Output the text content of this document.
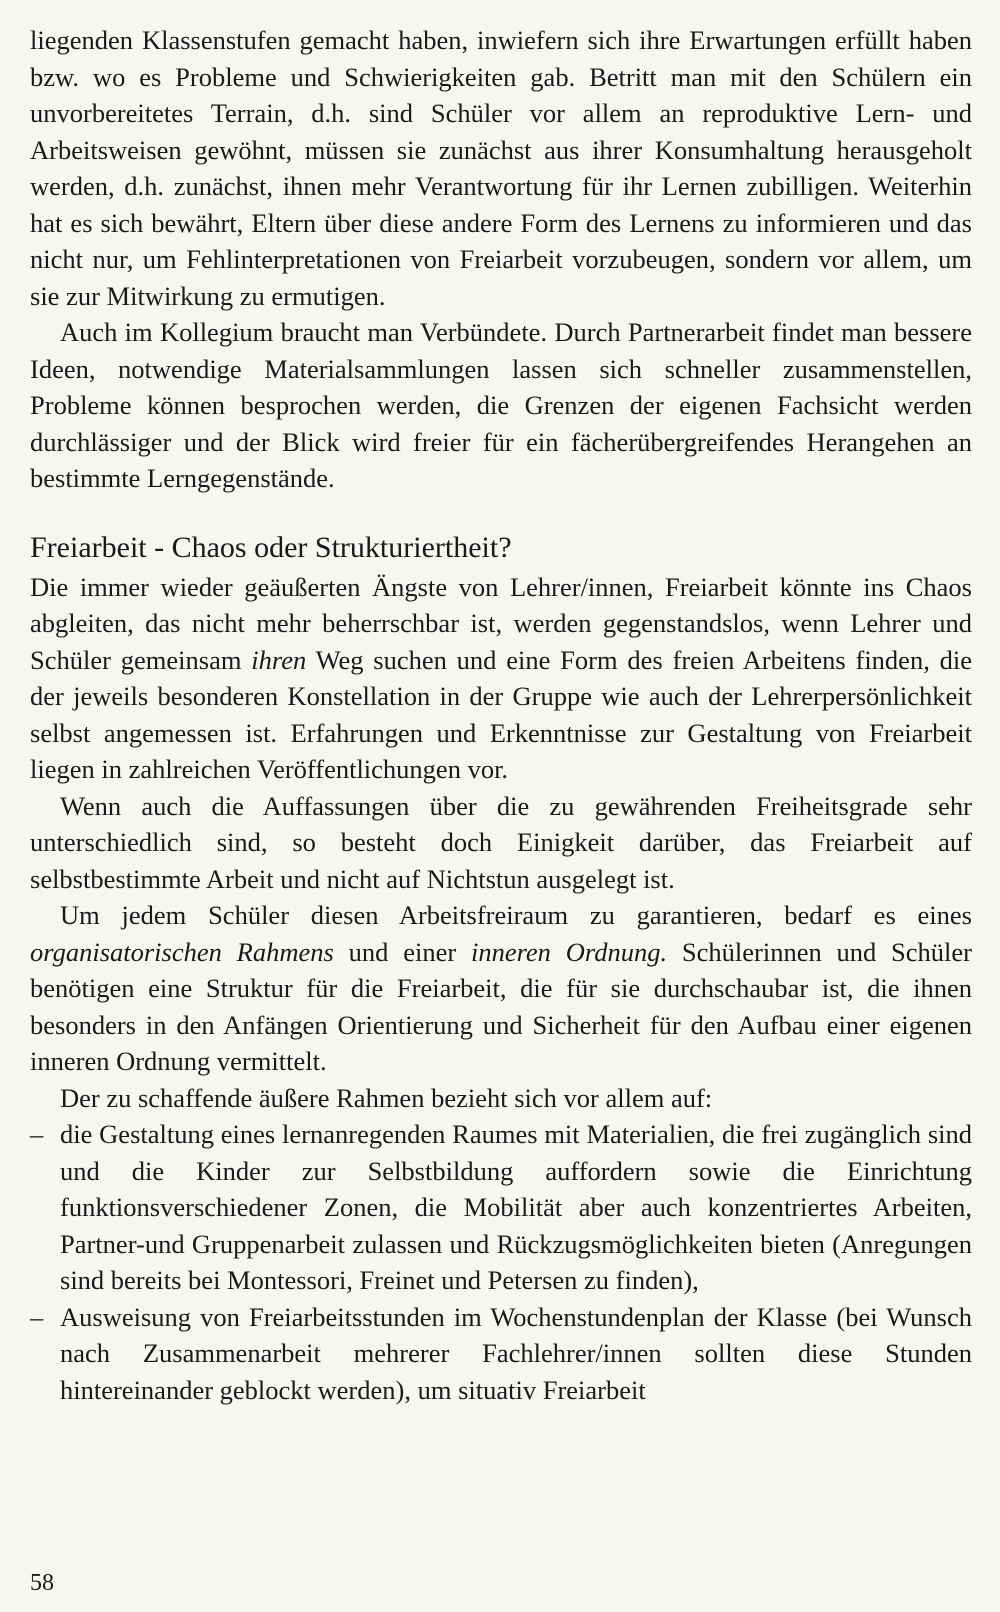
liegenden Klassenstufen gemacht haben, inwiefern sich ihre Erwartungen erfüllt haben bzw. wo es Probleme und Schwierigkeiten gab. Betritt man mit den Schülern ein unvorbereitetes Terrain, d.h. sind Schüler vor allem an reproduktive Lern- und Arbeitsweisen gewöhnt, müssen sie zunächst aus ihrer Konsumhaltung herausgeholt werden, d.h. zunächst, ihnen mehr Verantwortung für ihr Lernen zubilligen. Weiterhin hat es sich bewährt, Eltern über diese andere Form des Lernens zu informieren und das nicht nur, um Fehlinterpretationen von Freiarbeit vorzubeugen, sondern vor allem, um sie zur Mitwirkung zu ermutigen.

Auch im Kollegium braucht man Verbündete. Durch Partnerarbeit findet man bessere Ideen, notwendige Materialsammlungen lassen sich schneller zusammenstellen, Probleme können besprochen werden, die Grenzen der eigenen Fachsicht werden durchlässiger und der Blick wird freier für ein fächerübergreifendes Herangehen an bestimmte Lerngegenstände.

Freiarbeit - Chaos oder Strukturiertheit?

Die immer wieder geäußerten Ängste von Lehrer/innen, Freiarbeit könnte ins Chaos abgleiten, das nicht mehr beherrschbar ist, werden gegenstandslos, wenn Lehrer und Schüler gemeinsam ihren Weg suchen und eine Form des freien Arbeitens finden, die der jeweils besonderen Konstellation in der Gruppe wie auch der Lehrerpersönlichkeit selbst angemessen ist. Erfahrungen und Erkenntnisse zur Gestaltung von Freiarbeit liegen in zahlreichen Veröffentlichungen vor.

Wenn auch die Auffassungen über die zu gewährenden Freiheitsgrade sehr unterschiedlich sind, so besteht doch Einigkeit darüber, das Freiarbeit auf selbstbestimmte Arbeit und nicht auf Nichtstun ausgelegt ist.

Um jedem Schüler diesen Arbeitsfreiraum zu garantieren, bedarf es eines organisatorischen Rahmens und einer inneren Ordnung. Schülerinnen und Schüler benötigen eine Struktur für die Freiarbeit, die für sie durchschaubar ist, die ihnen besonders in den Anfängen Orientierung und Sicherheit für den Aufbau einer eigenen inneren Ordnung vermittelt.

Der zu schaffende äußere Rahmen bezieht sich vor allem auf:

– die Gestaltung eines lernanregenden Raumes mit Materialien, die frei zugänglich sind und die Kinder zur Selbstbildung auffordern sowie die Einrichtung funktionsverschiedener Zonen, die Mobilität aber auch konzentriertes Arbeiten, Partner-und Gruppenarbeit zulassen und Rückzugsmöglichkeiten bieten (Anregungen sind bereits bei Montessori, Freinet und Petersen zu finden),
– Ausweisung von Freiarbeitsstunden im Wochenstundenplan der Klasse (bei Wunsch nach Zusammenarbeit mehrerer Fachlehrer/innen sollten diese Stunden hintereinander geblockt werden), um situativ Freiarbeit
58
